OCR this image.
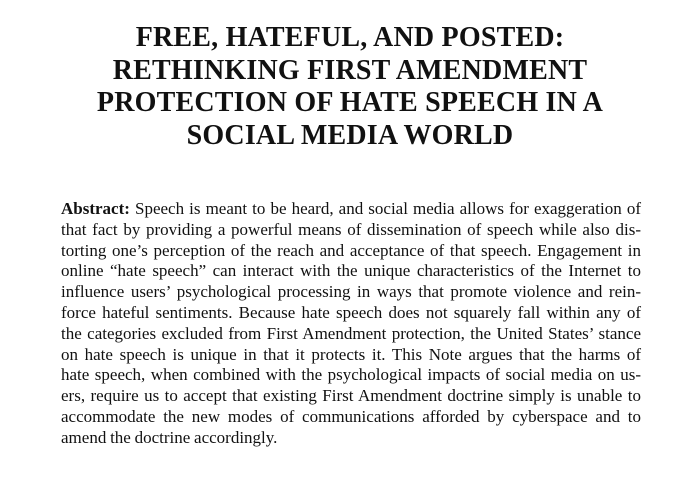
FREE, HATEFUL, AND POSTED:
RETHINKING FIRST AMENDMENT
PROTECTION OF HATE SPEECH IN A
SOCIAL MEDIA WORLD
Abstract: Speech is meant to be heard, and social media allows for exaggeration of
that fact by providing a powerful means of dissemination of speech while also dis-
torting one’s perception of the reach and acceptance of that speech. Engagement in
online “hate speech” can interact with the unique characteristics of the Internet to
influence users’ psychological processing in ways that promote violence and rein-
force hateful sentiments. Because hate speech does not squarely fall within any of
the categories excluded from First Amendment protection, the United States’ stance
on hate speech is unique in that it protects it. This Note argues that the harms of
hate speech, when combined with the psychological impacts of social media on us-
ers, require us to accept that existing First Amendment doctrine simply is unable to
accommodate the new modes of communications afforded by cyberspace and to
amend the doctrine accordingly.
